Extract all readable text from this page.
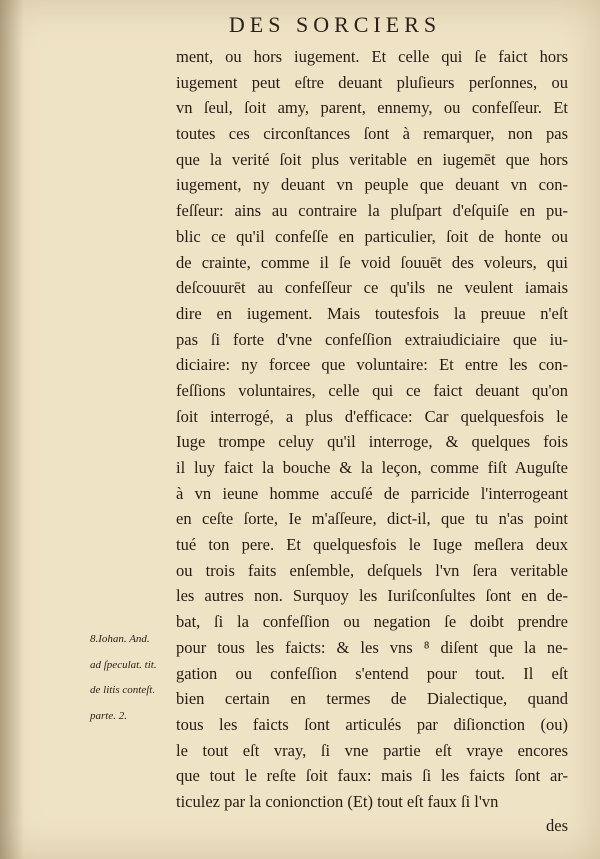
DES SORCIERS
ment, ou hors iugement. Et celle qui ſe faict hors
iugement peut eſtre deuant pluſieurs perſonnes, ou
vn ſeul, ſoit amy, parent, ennemy, ou confeſſeur. Et
toutes ces circonſtances ſont à remarquer, non pas
que la verité ſoit plus veritable en iugemēt que hors
iugement, ny deuant vn peuple que deuant vn con-
feſſeur: ains au contraire la pluſpart d'eſquiſe en pu-
blic ce qu'il confeſſe en particulier, ſoit de honte ou
de crainte, comme il ſe void ſouuēt des voleurs, qui
deſcouurēt au confeſſeur ce qu'ils ne veulent iamais
dire en iugement. Mais toutesfois la preuue n'eſt
pas ſi forte d'vne confeſſion extraiudiciaire que iu-
diciaire: ny forcee que voluntaire: Et entre les con-
feſſions voluntaires, celle qui ce faict deuant qu'on
ſoit interrogé, a plus d'efficace: Car quelquesfois le
Iuge trompe celuy qu'il interroge, & quelques fois
il luy faict la bouche & la leçon, comme fiſt Auguſte
à vn ieune homme accuſé de parricide l'interrogeant
en ceſte ſorte, Ie m'aſſeure, dict-il, que tu n'as point
tué ton pere. Et quelquesfois le Iuge meſlera deux
ou trois faits enſemble, deſquels l'vn ſera veritable
les autres non. Surquoy les Iuriſconſultes ſont en de-
bat, ſi la confeſſion ou negation ſe doibt prendre
pour tous les faicts: & les vns ⁸ diſent que la ne-
gation ou confeſſion s'entend pour tout. Il eſt
bien certain en termes de Dialectique, quand
tous les faicts ſont articulés par diſionction (ou)
le tout eſt vray, ſi vne partie eſt vraye encores
que tout le reſte ſoit faux: mais ſi les faicts ſont ar-
ticulez par la conionction (Et) tout eſt faux ſi l'vn
des
8.Iohan. And.
ad ſpeculat. tit.
de litis conteſt.
parte. 2.
